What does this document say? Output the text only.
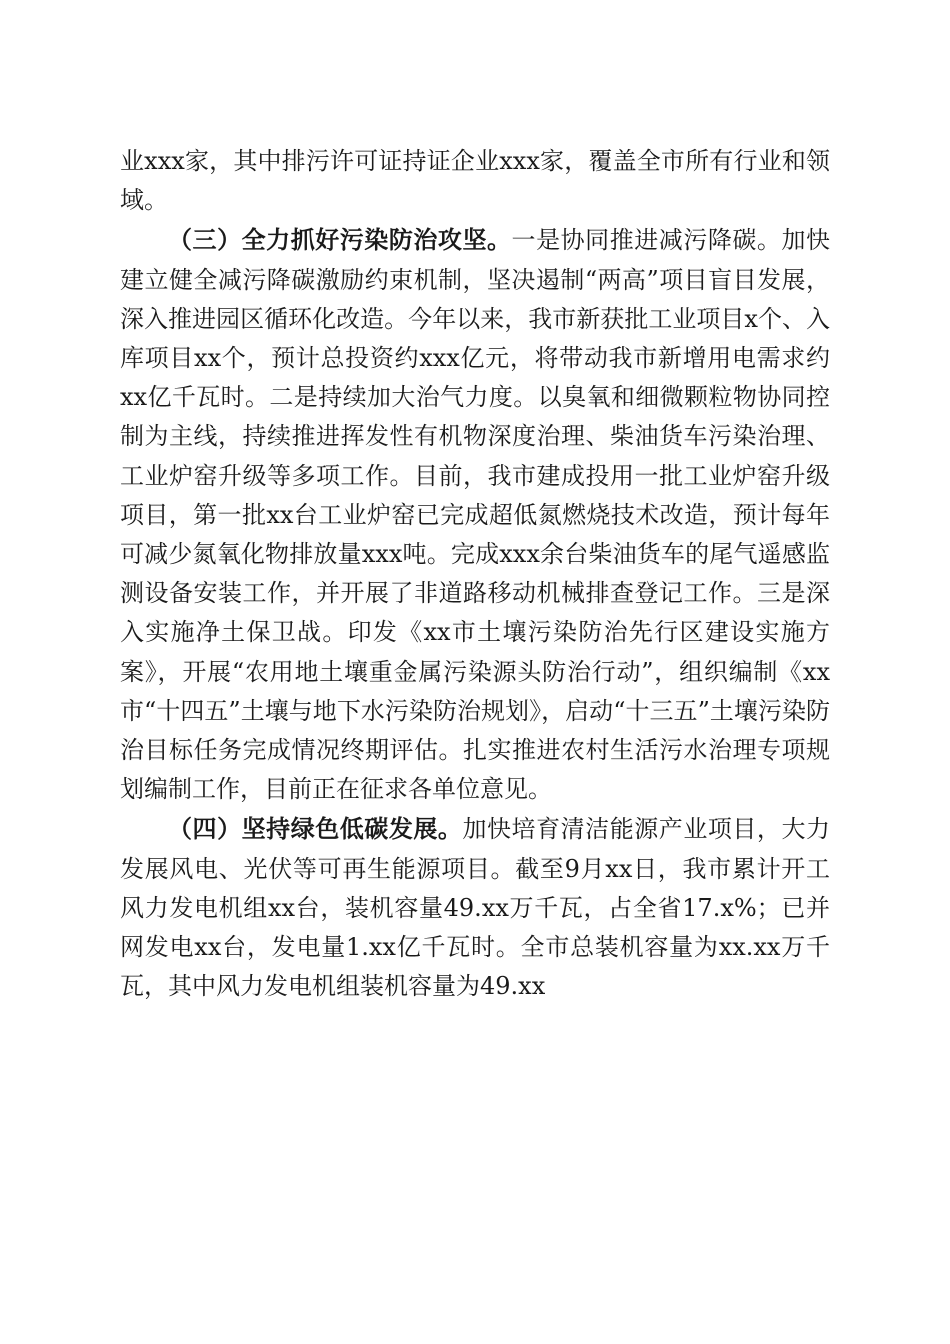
业xxx家，其中排污许可证持证企业xxx家，覆盖全市所有行业和领域。

（三）全力抓好污染防治攻坚。一是协同推进减污降碳。加快建立健全减污降碳激励约束机制，坚决遏制“两高”项目盲目发展，深入推进园区循环化改造。今年以来，我市新获批工业项目x个、入库项目xx个，预计总投资约xxx亿元，将带动我市新增用电需求约xx亿千瓦时。二是持续加大治气力度。以臭氧和细微颗粒物协同控制为主线，持续推进挥发性有机物深度治理、柴油货车污染治理、工业炉窑升级等多项工作。目前，我市建成投用一批工业炉窑升级项目，第一批xx台工业炉窑已完成超低氮燃烧技术改造，预计每年可减少氮氧化物排放量xxx吨。完成xxx余台柴油货车的尾气遥感监测设备安装工作，并开展了非道路移动机械排查登记工作。三是深入实施净土保卫战。印发《xx市土壤污染防治先行区建设实施方案》，开展“农用地土壤重金属污染源头防治行动”，组织编制《xx市“十四五”土壤与地下水污染防治规划》，启动“十三五”土壤污染防治目标任务完成情况终期评估。扎实推进农村生活污水治理专项规划编制工作，目前正在征求各单位意见。

（四）坚持绿色低碳发展。加快培育清洁能源产业项目，大力发展风电、光伏等可再生能源项目。截至9月xx日，我市累计开工风力发电机组xx台，装机容量49.xx万千瓦，占全省17.x%；已并网发电xx台，发电量1.xx亿千瓦时。全市总装机容量为xx.xx万千瓦，其中风力发电机组装机容量为49.xx
